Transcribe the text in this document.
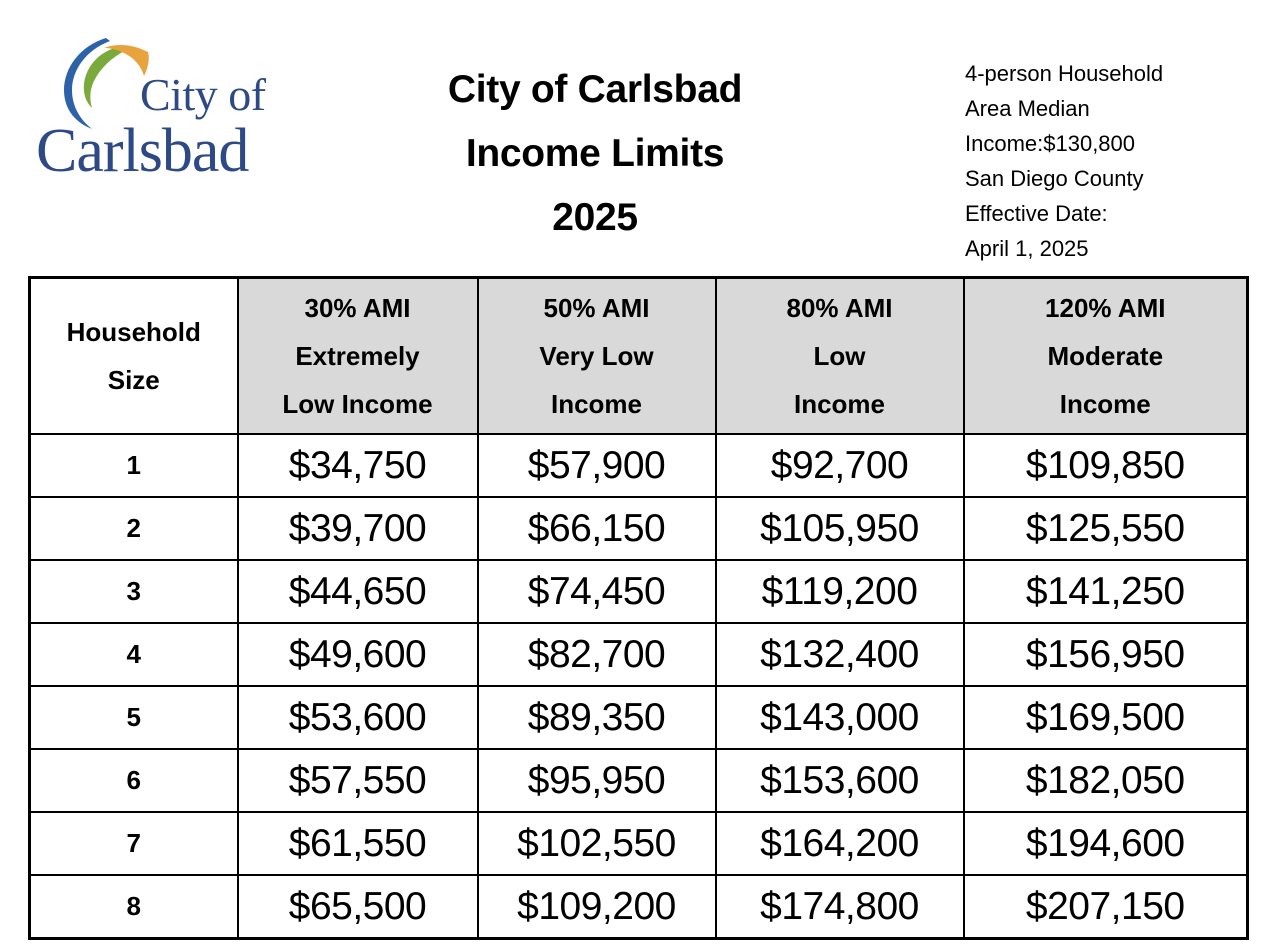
City of
Carlsbad
City of Carlsbad
Income Limits
2025
4-person Household
Area Median
Income:$130,800
San Diego County
Effective Date:
April 1, 2025
Household
Size	30% AMI
Extremely
Low Income	50% AMI
Very Low
Income	80% AMI
Low
Income	120% AMI
Moderate
Income

1	$34,750	$57,900	$92,700	$109,850
2	$39,700	$66,150	$105,950	$125,550
3	$44,650	$74,450	$119,200	$141,250
4	$49,600	$82,700	$132,400	$156,950
5	$53,600	$89,350	$143,000	$169,500
6	$57,550	$95,950	$153,600	$182,050
7	$61,550	$102,550	$164,200	$194,600
8	$65,500	$109,200	$174,800	$207,150
